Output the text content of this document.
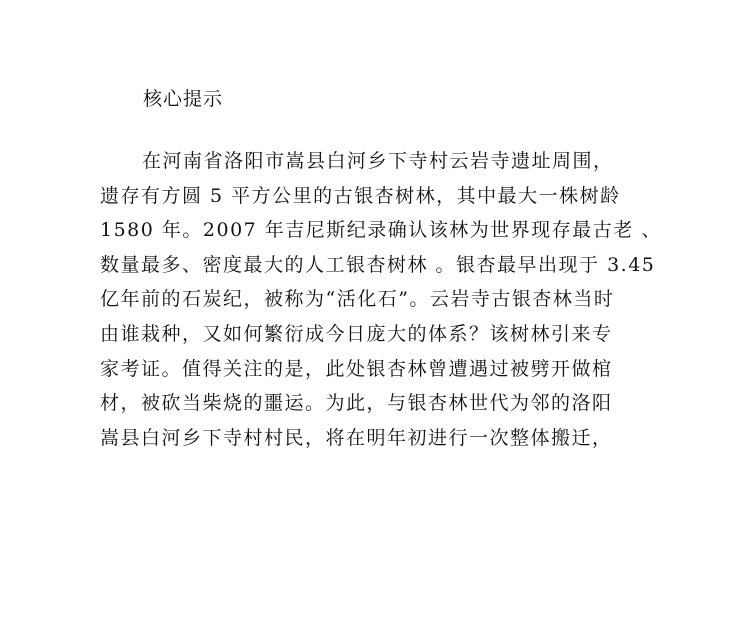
核心提示
在河南省洛阳市嵩县白河乡下寺村云岩寺遗址周围，
遗存有方圆 5 平方公里的古银杏树林，其中最大一株树龄
1580 年。2007 年吉尼斯纪录确认该林为世界现存最古老 、
数量最多、密度最大的人工银杏树林 。银杏最早出现于 3.45
亿年前的石炭纪，被称为“活化石”。云岩寺古银杏林当时
由谁栽种，又如何繁衍成今日庞大的体系？该树林引来专
家考证。值得关注的是，此处银杏林曾遭遇过被劈开做棺
材，被砍当柴烧的噩运。为此，与银杏林世代为邻的洛阳
嵩县白河乡下寺村村民，将在明年初进行一次整体搬迁，
